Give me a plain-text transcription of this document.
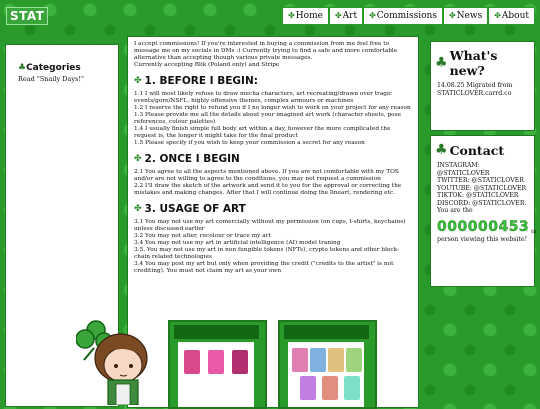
STAT	✤Home	✤Art	✤Commissions	✤News	✤About
♣Categories
Read "Snaily Days!"

I accept commissions! If you're interested in buying a commission from me feel free to message me on my socials in DMs :) Currently trying to find a safe and more comfortable alternative than accepting though various private messages.

Currently accepting Blik (Poland only) and Stripe

✤ 1. BEFORE I BEGIN:

1.1 I will most likely refuse to draw mecha characters, art recreating/drawn over tragic events/gore/NSFL, highly offensive themes, complex armours or machines

1.2 I reserve the right to refund you if I no longer wish to work on your project for any reason

1.3 Please provide me all the details about your imagined art work (character sheets, pose references, colour palettes)

1.4 I usually finish simple full body art within a day, however the more complicated the request is, the longer it might take for the final product

1.5 Please specify if you wish to keep your commission a secret for any reason

✤ 2. ONCE I BEGIN

2.1 You agree to all the aspects mentioned above. If you are not comfortable with my TOS and/or are not willing to agree to the conditions, you may not request a commission

2.2 I'll draw the sketch of the artwork and send it to you for the approval or correcting the mistakes and making changes. After that I will continue doing the lineart, rendering etc.

✤ 3. USAGE OF ART

3.1 You may not use my art comercially without my permission (on cups, t-shirts, keychains) unless discussed earlier

3.2 You may not alter, recolour or trace my art

3.4 You may not use my art in artificial intelligence (AI) model traning

3.5. You may not use my art in non fungible tokens (NFTs), crypto tokens and other block-chain related technologies

3.4 You may post my art but only when providing the credit ("credits to the artist" is not crediting). You must not claim my art as your own

♣ What's new?
14.08.25 Migrated from STATICLOVER.carrd.co
♣ Contact
INSTAGRAM: @STATICLOVER
TWITTER: @STATICLOVER
YOUTUBE: @STATICLOVER
TIKTOK: @STATICLOVER
DISCORD: @STATICLOVER.
You are the
000000453 th
person viewing this website!
